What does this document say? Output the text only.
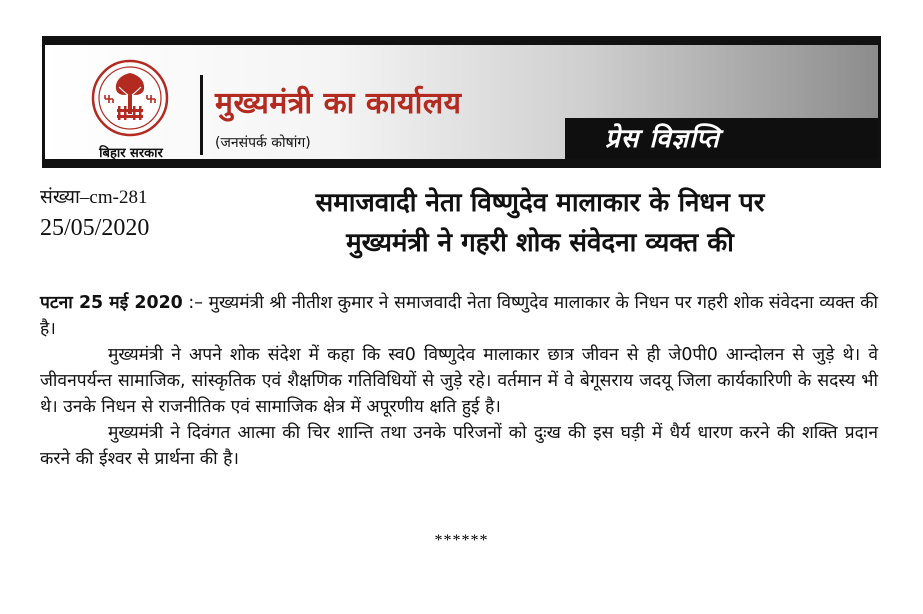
बिहार सरकार
मुख्यमंत्री का कार्यालय
(जनसंपर्क कोषांग)	प्रेस विज्ञप्ति
संख्या–cm-281
25/05/2020
समाजवादी नेता विष्णुदेव मालाकार के निधन पर
मुख्यमंत्री ने गहरी शोक संवेदना व्यक्त की

पटना 25 मई 2020 :– मुख्यमंत्री श्री नीतीश कुमार ने समाजवादी नेता विष्णुदेव मालाकार के निधन पर गहरी शोक संवेदना व्यक्त की है।

मुख्यमंत्री ने अपने शोक संदेश में कहा कि स्व0 विष्णुदेव मालाकार छात्र जीवन से ही जे0पी0 आन्दोलन से जुड़े थे। वे जीवनपर्यन्त सामाजिक, सांस्कृतिक एवं शैक्षणिक गतिविधियों से जुड़े रहे। वर्तमान में वे बेगूसराय जदयू जिला कार्यकारिणी के सदस्य भी थे। उनके निधन से राजनीतिक एवं सामाजिक क्षेत्र में अपूरणीय क्षति हुई है।

मुख्यमंत्री ने दिवंगत आत्मा की चिर शान्ति तथा उनके परिजनों को दुःख की इस घड़ी में धैर्य धारण करने की शक्ति प्रदान करने की ईश्वर से प्रार्थना की है।

******
